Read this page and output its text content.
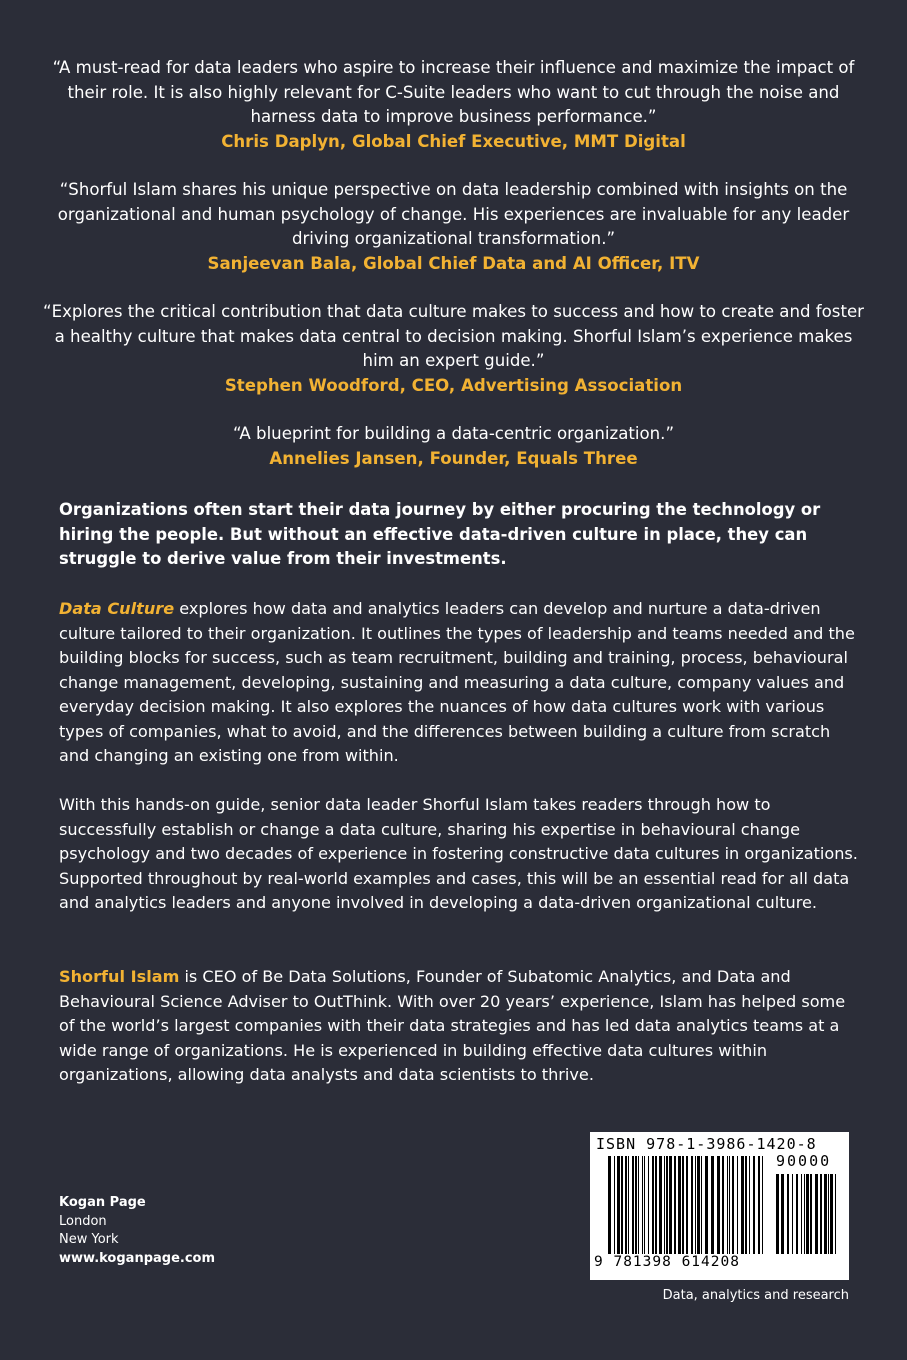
“A must-read for data leaders who aspire to increase their influence and maximize the impact of their role. It is also highly relevant for C-Suite leaders who want to cut through the noise and harness data to improve business performance.”

Chris Daplyn, Global Chief Executive, MMT Digital

“Shorful Islam shares his unique perspective on data leadership combined with insights on the organizational and human psychology of change. His experiences are invaluable for any leader driving organizational transformation.”

Sanjeevan Bala, Global Chief Data and AI Officer, ITV

“Explores the critical contribution that data culture makes to success and how to create and foster a healthy culture that makes data central to decision making. Shorful Islam’s experience makes him an expert guide.”

Stephen Woodford, CEO, Advertising Association

“A blueprint for building a data-centric organization.”

Annelies Jansen, Founder, Equals Three

Organizations often start their data journey by either procuring the technology or hiring the people. But without an effective data-driven culture in place, they can struggle to derive value from their investments.

Data Culture explores how data and analytics leaders can develop and nurture a data-driven culture tailored to their organization. It outlines the types of leadership and teams needed and the building blocks for success, such as team recruitment, building and training, process, behavioural change management, developing, sustaining and measuring a data culture, company values and everyday decision making. It also explores the nuances of how data cultures work with various types of companies, what to avoid, and the differences between building a culture from scratch and changing an existing one from within.

With this hands-on guide, senior data leader Shorful Islam takes readers through how to successfully establish or change a data culture, sharing his expertise in behavioural change psychology and two decades of experience in fostering constructive data cultures in organizations. Supported throughout by real-world examples and cases, this will be an essential read for all data and analytics leaders and anyone involved in developing a data-driven organizational culture.

Shorful Islam is CEO of Be Data Solutions, Founder of Subatomic Analytics, and Data and Behavioural Science Adviser to OutThink. With over 20 years’ experience, Islam has helped some of the world’s largest companies with their data strategies and has led data analytics teams at a wide range of organizations. He is experienced in building effective data cultures within organizations, allowing data analysts and data scientists to thrive.

Kogan Page
London
New York
www.koganpage.com
ISBN 978-1-3986-1420-8
90000
9 781398 614208
Data, analytics and research
